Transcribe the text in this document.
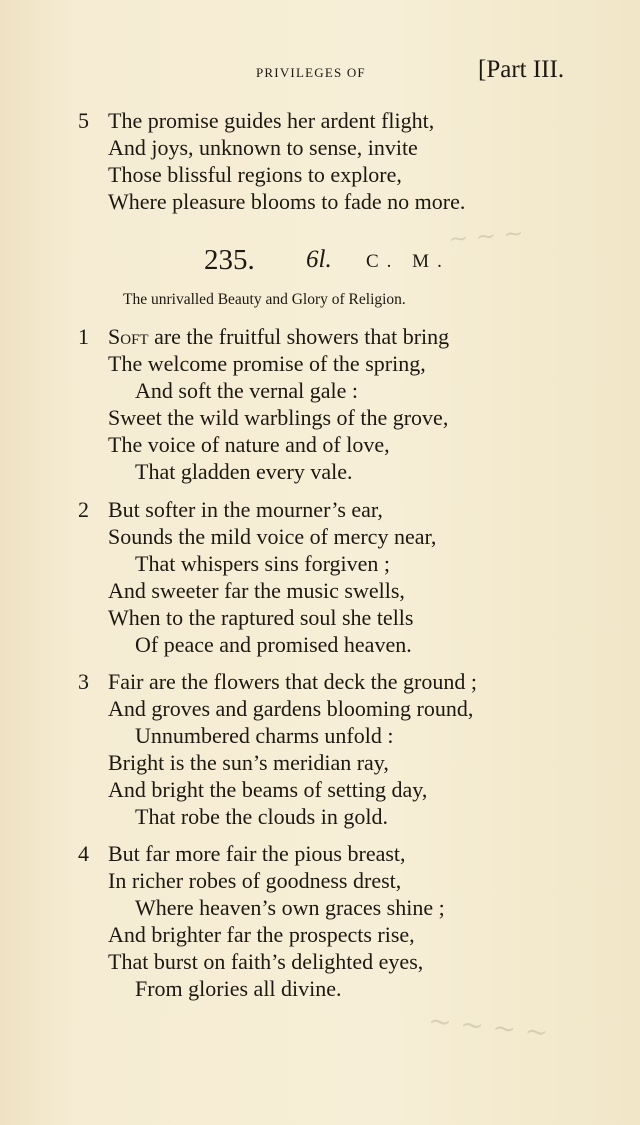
PRIVILEGES OF	[Part III.
5 The promise guides her ardent flight,
And joys, unknown to sense, invite
Those blissful regions to explore,
Where pleasure blooms to fade no more.
~ ~ ~
235. 6l. C. M.
The unrivalled Beauty and Glory of Religion.
1 Soft are the fruitful showers that bring
The welcome promise of the spring,
And soft the vernal gale :
Sweet the wild warblings of the grove,
The voice of nature and of love,
That gladden every vale.
2 But softer in the mourner’s ear,
Sounds the mild voice of mercy near,
That whispers sins forgiven ;
And sweeter far the music swells,
When to the raptured soul she tells
Of peace and promised heaven.
3 Fair are the flowers that deck the ground ;
And groves and gardens blooming round,
Unnumbered charms unfold :
Bright is the sun’s meridian ray,
And bright the beams of setting day,
That robe the clouds in gold.
4 But far more fair the pious breast,
In richer robes of goodness drest,
Where heaven’s own graces shine ;
And brighter far the prospects rise,
That burst on faith’s delighted eyes,
From glories all divine.
~ ~ ~ ~
